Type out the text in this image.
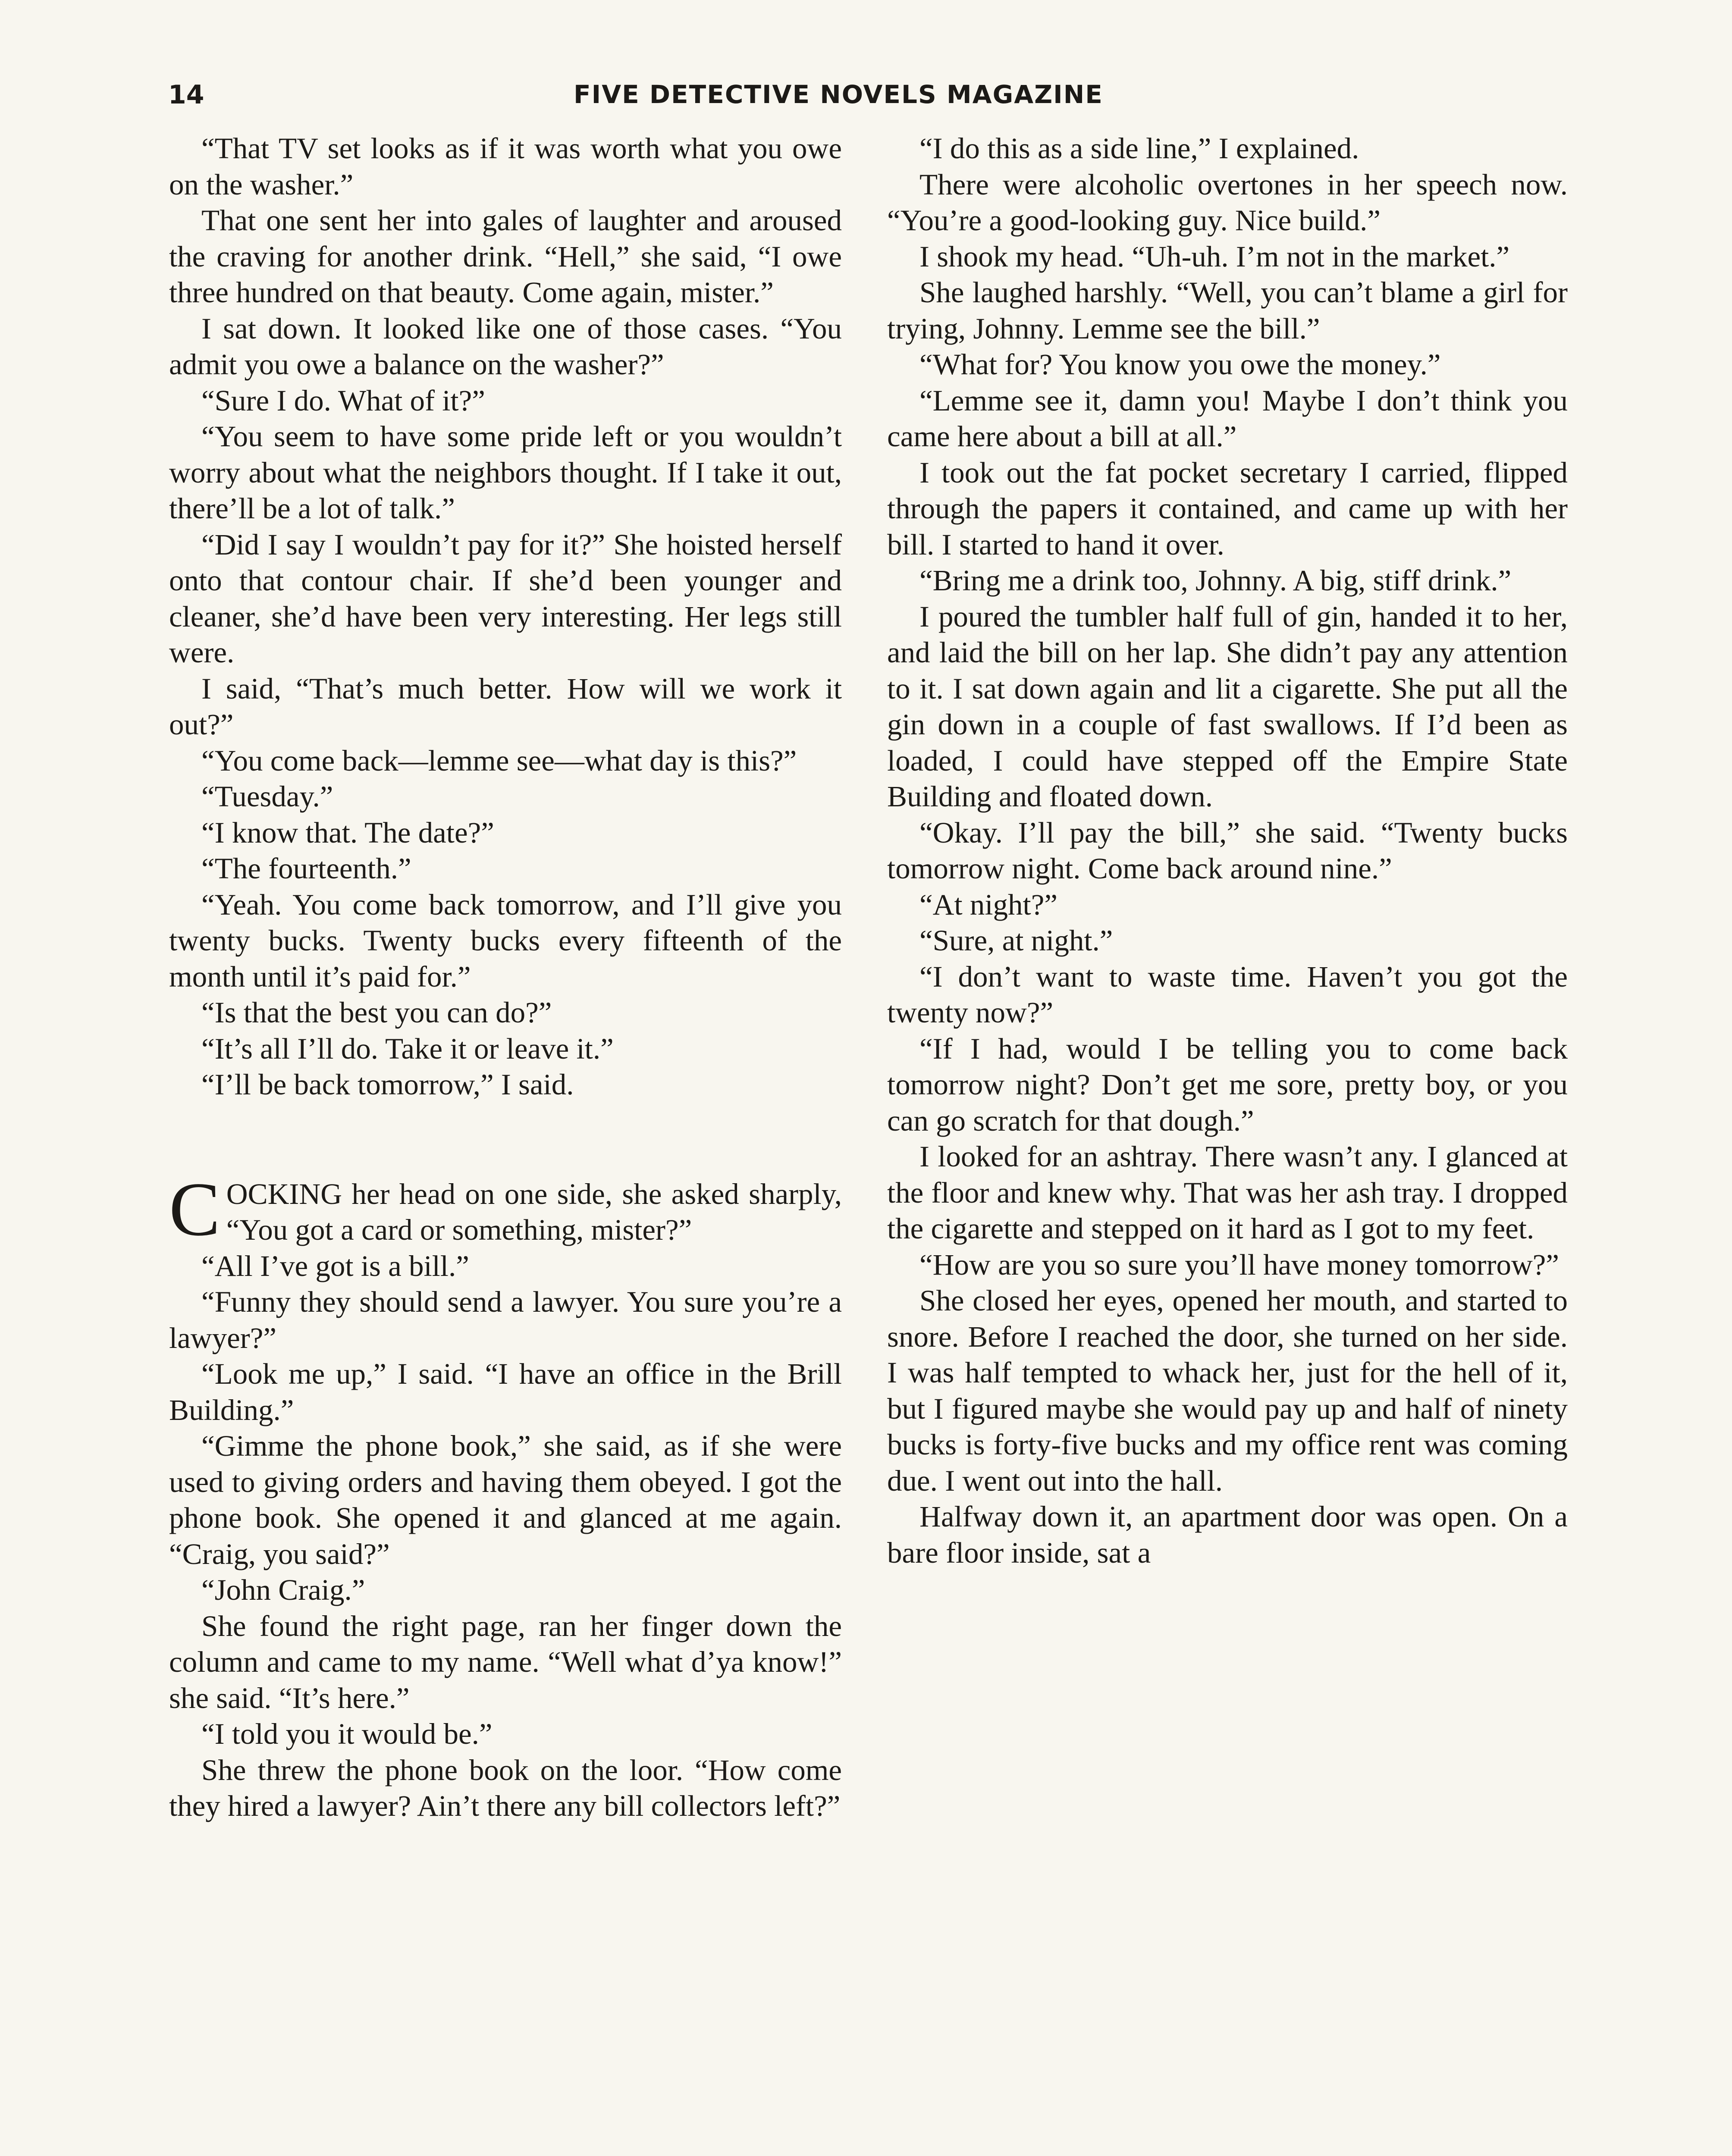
14	FIVE DETECTIVE NOVELS MAGAZINE

“That TV set looks as if it was worth what you owe on the washer.”

That one sent her into gales of laughter and aroused the craving for another drink. “Hell,” she said, “I owe three hundred on that beauty. Come again, mister.”

I sat down. It looked like one of those cases. “You admit you owe a balance on the washer?”

“Sure I do. What of it?”

“You seem to have some pride left or you wouldn’t worry about what the neighbors thought. If I take it out, there’ll be a lot of talk.”

“Did I say I wouldn’t pay for it?” She hoisted herself onto that contour chair. If she’d been younger and cleaner, she’d have been very interesting. Her legs still were.

I said, “That’s much better. How will we work it out?”

“You come back—lemme see—what day is this?”

“Tuesday.”

“I know that. The date?”

“The fourteenth.”

“Yeah. You come back tomorrow, and I’ll give you twenty bucks. Twenty bucks every fifteenth of the month until it’s paid for.”

“Is that the best you can do?”

“It’s all I’ll do. Take it or leave it.”

“I’ll be back tomorrow,” I said.

COCKING her head on one side, she asked sharply, “You got a card or something, mister?”

“All I’ve got is a bill.”

“Funny they should send a lawyer. You sure you’re a lawyer?”

“Look me up,” I said. “I have an office in the Brill Building.”

“Gimme the phone book,” she said, as if she were used to giving orders and having them obeyed. I got the phone book. She opened it and glanced at me again. “Craig, you said?”

“John Craig.”

She found the right page, ran her finger down the column and came to my name. “Well what d’ya know!” she said. “It’s here.”

“I told you it would be.”

She threw the phone book on the loor. “How come they hired a lawyer? Ain’t there any bill collectors left?”

“I do this as a side line,” I explained.

There were alcoholic overtones in her speech now. “You’re a good-looking guy. Nice build.”

I shook my head. “Uh-uh. I’m not in the market.”

She laughed harshly. “Well, you can’t blame a girl for trying, Johnny. Lemme see the bill.”

“What for? You know you owe the money.”

“Lemme see it, damn you! Maybe I don’t think you came here about a bill at all.”

I took out the fat pocket secretary I carried, flipped through the papers it contained, and came up with her bill. I started to hand it over.

“Bring me a drink too, Johnny. A big, stiff drink.”

I poured the tumbler half full of gin, handed it to her, and laid the bill on her lap. She didn’t pay any attention to it. I sat down again and lit a cigarette. She put all the gin down in a couple of fast swallows. If I’d been as loaded, I could have stepped off the Empire State Building and floated down.

“Okay. I’ll pay the bill,” she said. “Twenty bucks tomorrow night. Come back around nine.”

“At night?”

“Sure, at night.”

“I don’t want to waste time. Haven’t you got the twenty now?”

“If I had, would I be telling you to come back tomorrow night? Don’t get me sore, pretty boy, or you can go scratch for that dough.”

I looked for an ashtray. There wasn’t any. I glanced at the floor and knew why. That was her ash tray. I dropped the cigarette and stepped on it hard as I got to my feet.

“How are you so sure you’ll have money tomorrow?”

She closed her eyes, opened her mouth, and started to snore. Before I reached the door, she turned on her side. I was half tempted to whack her, just for the hell of it, but I figured maybe she would pay up and half of ninety bucks is forty-five bucks and my office rent was coming due. I went out into the hall.

Halfway down it, an apartment door was open. On a bare floor inside, sat a
